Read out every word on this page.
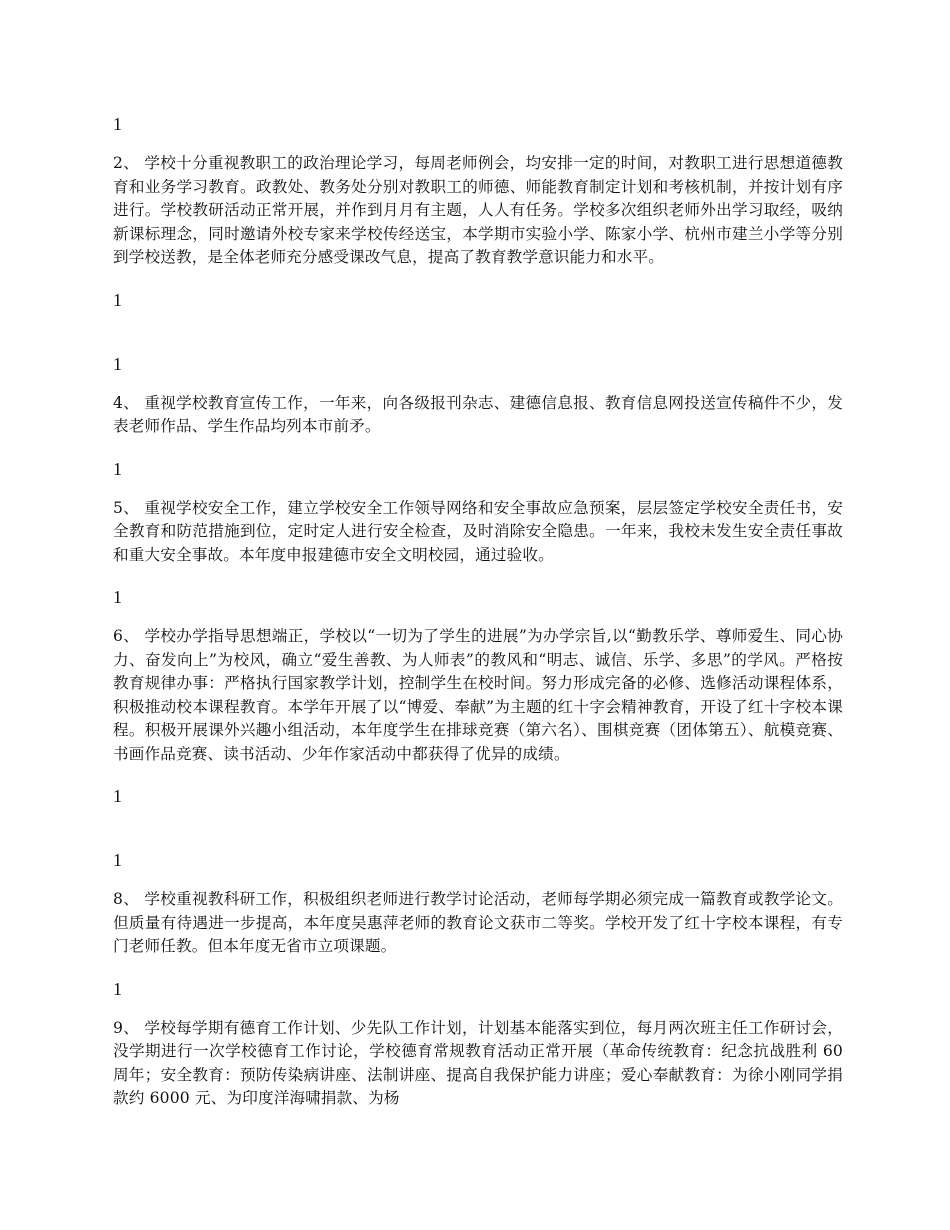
1

2、 学校十分重视教职工的政治理论学习，每周老师例会，均安排一定的时间，对教职工进行思想道德教育和业务学习教育。政教处、教务处分别对教职工的师德、师能教育制定计划和考核机制，并按计划有序进行。学校教研活动正常开展，并作到月月有主题，人人有任务。学校多次组织老师外出学习取经，吸纳新课标理念，同时邀请外校专家来学校传经送宝，本学期市实验小学、陈家小学、杭州市建兰小学等分别到学校送教，是全体老师充分感受课改气息，提高了教育教学意识能力和水平。

1

1

4、 重视学校教育宣传工作，一年来，向各级报刊杂志、建德信息报、教育信息网投送宣传稿件不少，发表老师作品、学生作品均列本市前矛。

1

5、 重视学校安全工作，建立学校安全工作领导网络和安全事故应急预案，层层签定学校安全责任书，安全教育和防范措施到位，定时定人进行安全检查，及时消除安全隐患。一年来，我校未发生安全责任事故和重大安全事故。本年度申报建德市安全文明校园，通过验收。

1

6、 学校办学指导思想端正，学校以“一切为了学生的进展”为办学宗旨,以“勤教乐学、尊师爱生、同心协力、奋发向上”为校风，确立“爱生善教、为人师表”的教风和“明志、诚信、乐学、多思”的学风。严格按教育规律办事：严格执行国家教学计划，控制学生在校时间。努力形成完备的必修、选修活动课程体系，积极推动校本课程教育。本学年开展了以“博爱、奉献”为主题的红十字会精神教育，开设了红十字校本课程。积极开展课外兴趣小组活动，本年度学生在排球竞赛（第六名）、围棋竞赛（团体第五）、航模竞赛、书画作品竞赛、读书活动、少年作家活动中都获得了优异的成绩。

1

1

8、 学校重视教科研工作，积极组织老师进行教学讨论活动，老师每学期必须完成一篇教育或教学论文。但质量有待遇进一步提高，本年度吴惠萍老师的教育论文获市二等奖。学校开发了红十字校本课程，有专门老师任教。但本年度无省市立项课题。

1

9、 学校每学期有德育工作计划、少先队工作计划，计划基本能落实到位，每月两次班主任工作研讨会，没学期进行一次学校德育工作讨论，学校德育常规教育活动正常开展（革命传统教育：纪念抗战胜利 60 周年；安全教育：预防传染病讲座、法制讲座、提高自我保护能力讲座；爱心奉献教育：为徐小刚同学捐款约 6000 元、为印度洋海啸捐款、为杨
